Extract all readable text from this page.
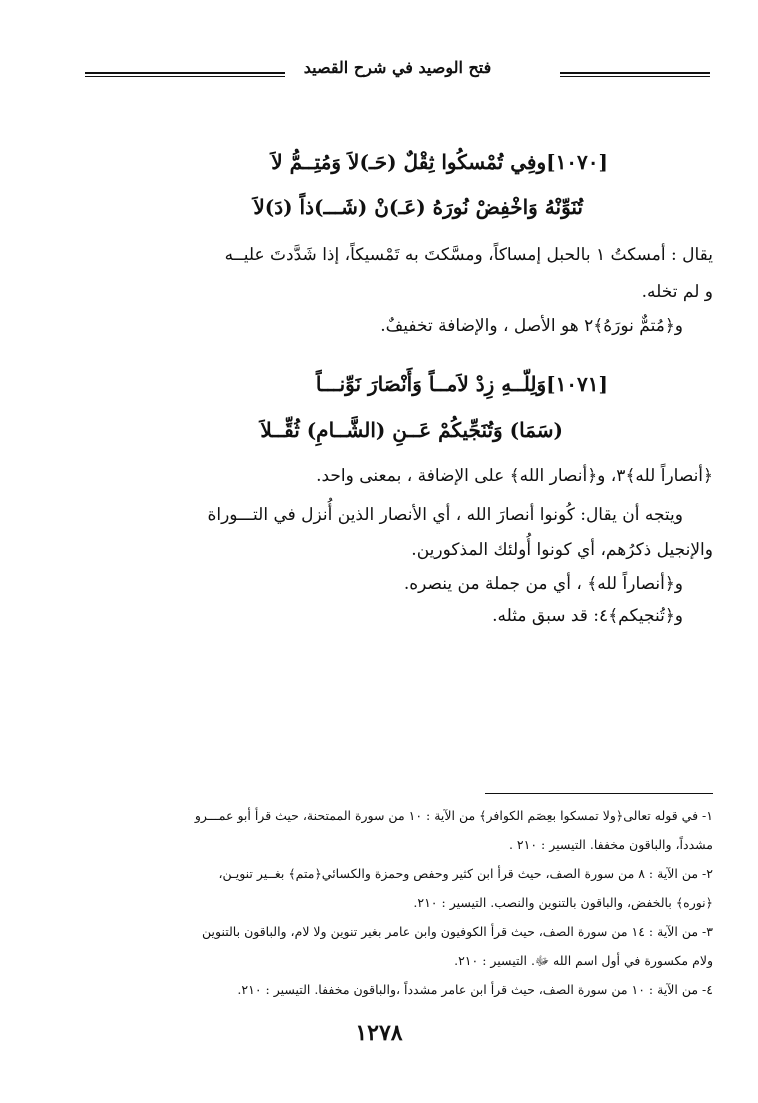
فتح الوصيد في شرح القصيد
[١٠٧٠]وفِي تُمْسكُوا ثِقْلٌ (حَـ)لاَ وَمُتِــمُّ لاَ
تُنَوِّنْهُ وَاخْفِضْ نُورَهُ (عَـ)نْ (شَـــ)ذاً (دَ)لاَ
يقال : أمسكتُ ١ بالحبل إمساكاً، ومسَّكتَ به تَمْسيكاً، إذا شَدَّدتَ عليــه
و لم تخله.
و﴿مُتمٌّ نورَهُ﴾٢ هو الأصل ، والإضافة تخفيفٌ.
[١٠٧١]وَلِلّــهِ زِدْ لاَمــاً وَأَنْصَارَ نَوِّنـــاً
(سَمَا) وَتُنَجِّيكُمْ عَــنِ (الشَّــامِ) ثُقِّــلاَ
﴿أنصاراً لله﴾٣، و﴿أنصار الله﴾ على الإضافة ، بمعنى واحد.
ويتجه أن يقال: كُونوا أنصارَ الله ، أي الأنصار الذين أُنزل في التـــوراة
والإنجيل ذكرُهم، أي كونوا أُولئك المذكورين.
و﴿أنصاراً لله﴾ ، أي من جملة من ينصره.
و﴿تُنجيكم﴾٤: قد سبق مثله.
١- في قوله تعالى﴿ولا تمسكوا بعِصَم الكوافر﴾ من الآية : ١٠ من سورة الممتحنة، حيث قرأ أبو عمـــرو
مشدداً، والباقون مخففا. التيسير : ٢١٠ .
٢- من الآية : ٨ من سورة الصف، حيث قرأ ابن كثير وحفص وحمزة والكسائي﴿متم﴾ بغــير تنويـن،
﴿نوره﴾ بالخفض، والباقون بالتنوين والنصب. التيسير : ٢١٠.
٣- من الآية : ١٤ من سورة الصف، حيث قرأ الكوفيون وابن عامر بغير تنوين ولا لام، والباقون بالتنوين
ولام مكسورة في أول اسم الله ﷻ. التيسير : ٢١٠.
٤- من الآية : ١٠ من سورة الصف، حيث قرأ ابن عامر مشدداً ،والباقون مخففا. التيسير : ٢١٠.
١٢٧٨
